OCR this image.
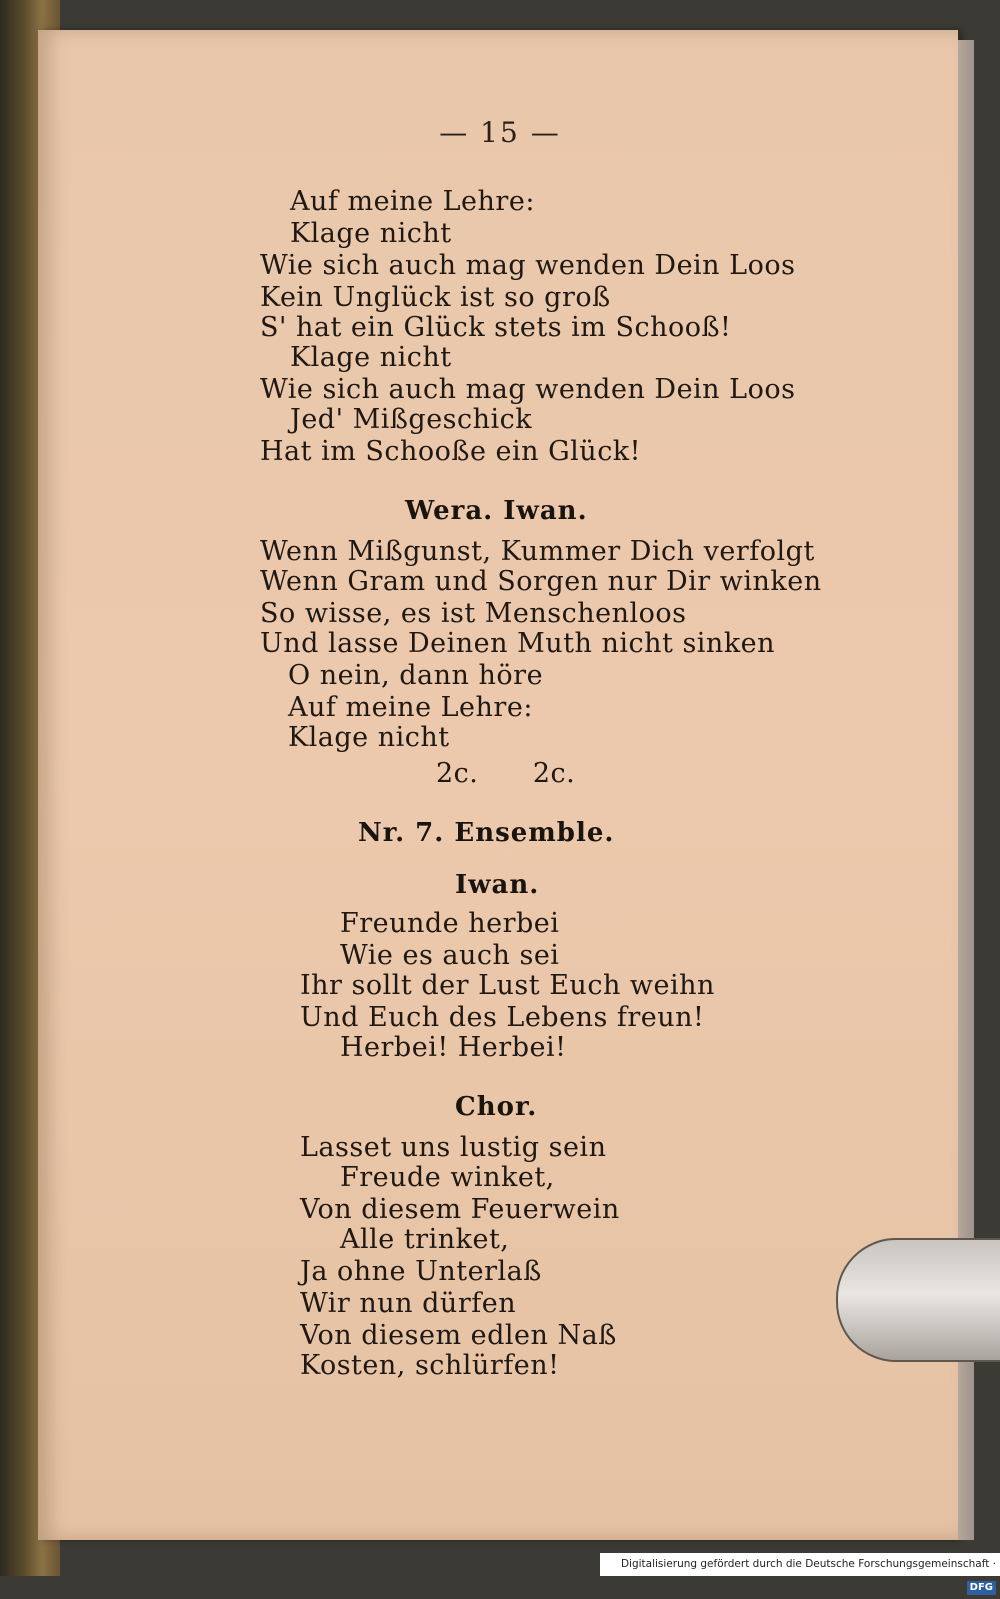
— 15 —
Auf meine Lehre:
Klage nicht
Wie sich auch mag wenden Dein Loos
Kein Unglück ist so groß
S' hat ein Glück stets im Schooß!
Klage nicht
Wie sich auch mag wenden Dein Loos
Jed' Mißgeschick
Hat im Schooße ein Glück!
Wera. Iwan.
Wenn Mißgunst, Kummer Dich verfolgt
Wenn Gram und Sorgen nur Dir winken
So wisse, es ist Menschenloos
Und lasse Deinen Muth nicht sinken
O nein, dann höre
Auf meine Lehre:
Klage nicht
2c.      2c.
Nr. 7. Ensemble.
Iwan.
Freunde herbei
Wie es auch sei
Ihr sollt der Lust Euch weihn
Und Euch des Lebens freun!
Herbei! Herbei!
Chor.
Lasset uns lustig sein
Freude winket,
Von diesem Feuerwein
Alle trinket,
Ja ohne Unterlaß
Wir nun dürfen
Von diesem edlen Naß
Kosten, schlürfen!
Digitalisierung gefördert durch die Deutsche Forschungsgemeinschaft ·DFG
